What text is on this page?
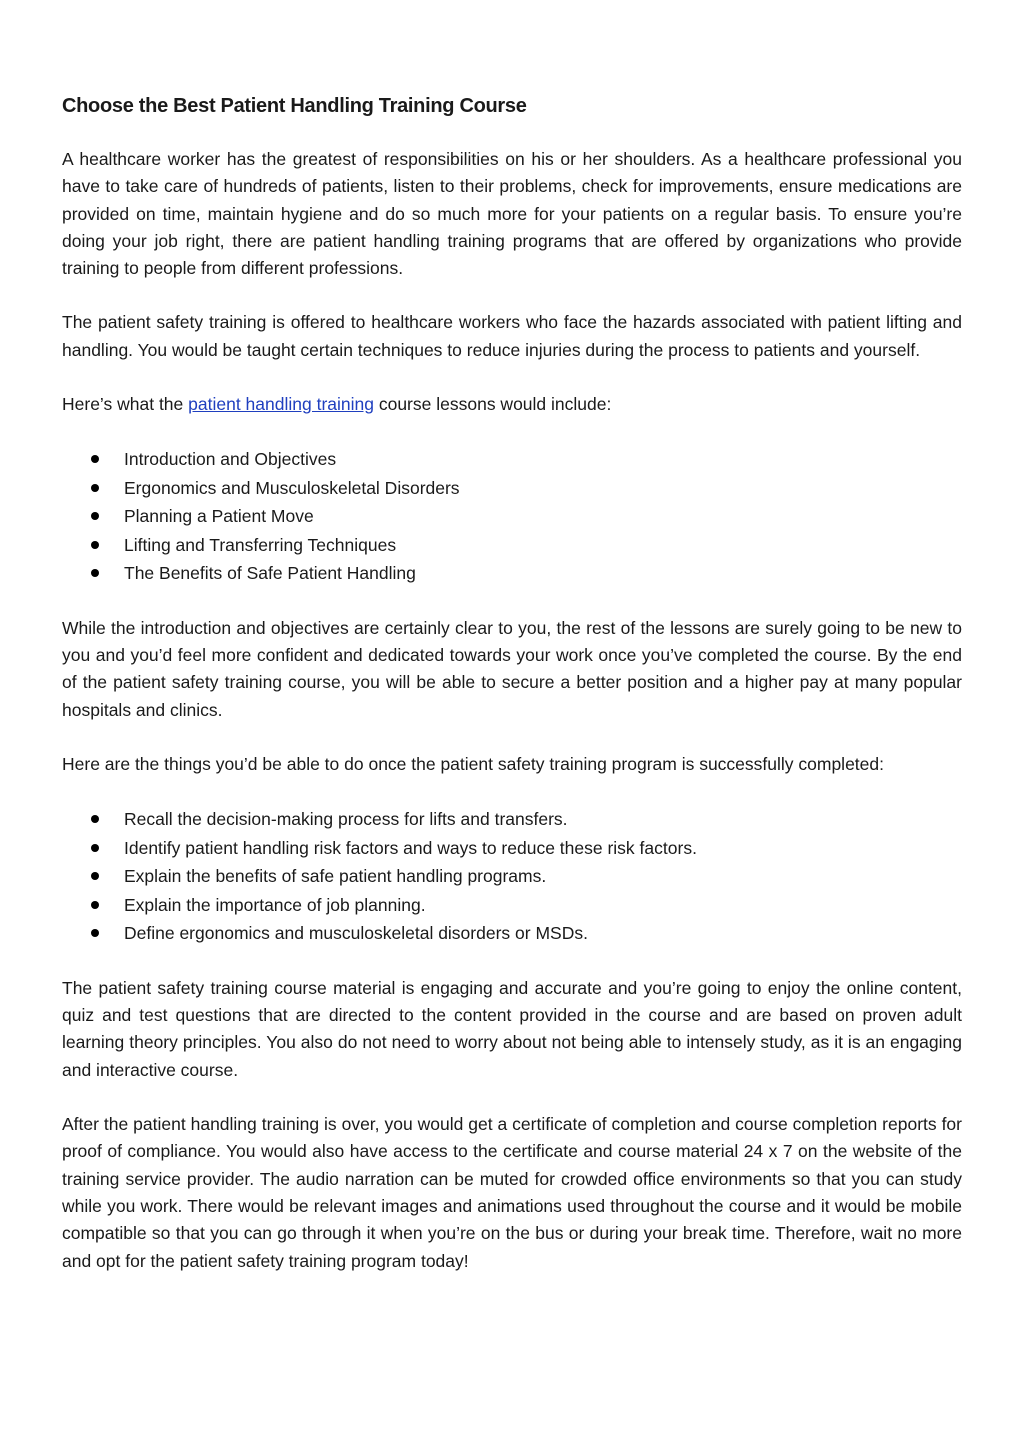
Choose the Best Patient Handling Training Course

A healthcare worker has the greatest of responsibilities on his or her shoulders. As a healthcare professional you have to take care of hundreds of patients, listen to their problems, check for improvements, ensure medications are provided on time, maintain hygiene and do so much more for your patients on a regular basis. To ensure you’re doing your job right, there are patient handling training programs that are offered by organizations who provide training to people from different professions.

The patient safety training is offered to healthcare workers who face the hazards associated with patient lifting and handling. You would be taught certain techniques to reduce injuries during the process to patients and yourself.

Here’s what the patient handling training course lessons would include:

Introduction and Objectives
Ergonomics and Musculoskeletal Disorders
Planning a Patient Move
Lifting and Transferring Techniques
The Benefits of Safe Patient Handling

While the introduction and objectives are certainly clear to you, the rest of the lessons are surely going to be new to you and you’d feel more confident and dedicated towards your work once you’ve completed the course. By the end of the patient safety training course, you will be able to secure a better position and a higher pay at many popular hospitals and clinics.

Here are the things you’d be able to do once the patient safety training program is successfully completed:

Recall the decision-making process for lifts and transfers.
Identify patient handling risk factors and ways to reduce these risk factors.
Explain the benefits of safe patient handling programs.
Explain the importance of job planning.
Define ergonomics and musculoskeletal disorders or MSDs.

The patient safety training course material is engaging and accurate and you’re going to enjoy the online content, quiz and test questions that are directed to the content provided in the course and are based on proven adult learning theory principles. You also do not need to worry about not being able to intensely study, as it is an engaging and interactive course.

After the patient handling training is over, you would get a certificate of completion and course completion reports for proof of compliance. You would also have access to the certificate and course material 24 x 7 on the website of the training service provider. The audio narration can be muted for crowded office environments so that you can study while you work. There would be relevant images and animations used throughout the course and it would be mobile compatible so that you can go through it when you’re on the bus or during your break time. Therefore, wait no more and opt for the patient safety training program today!
